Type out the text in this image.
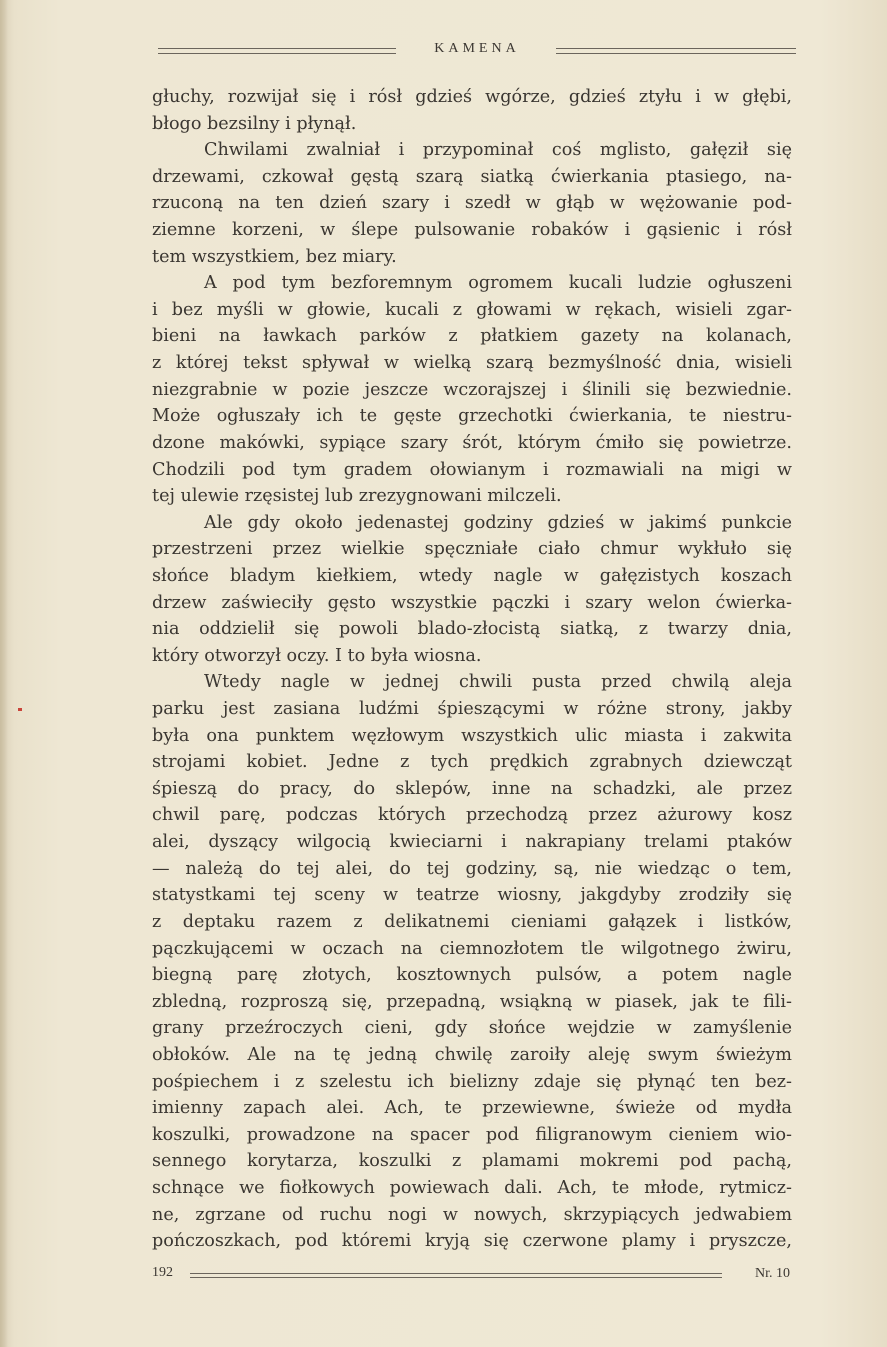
KAMENA
głuchy, rozwijał się i rósł gdzieś wgórze, gdzieś ztyłu i w głębi,
błogo bezsilny i płynął.
Chwilami zwalniał i przypominał coś mglisto, gałęził się
drzewami, czkował gęstą szarą siatką ćwierkania ptasiego, na-
rzuconą na ten dzień szary i szedł w głąb w wężowanie pod-
ziemne korzeni, w ślepe pulsowanie robaków i gąsienic i rósł
tem wszystkiem, bez miary.
A pod tym bezforemnym ogromem kucali ludzie ogłuszeni
i bez myśli w głowie, kucali z głowami w rękach, wisieli zgar-
bieni na ławkach parków z płatkiem gazety na kolanach,
z której tekst spływał w wielką szarą bezmyślność dnia, wisieli
niezgrabnie w pozie jeszcze wczorajszej i ślinili się bezwiednie.
Może ogłuszały ich te gęste grzechotki ćwierkania, te niestru-
dzone makówki, sypiące szary śrót, którym ćmiło się powietrze.
Chodzili pod tym gradem ołowianym i rozmawiali na migi w
tej ulewie rzęsistej lub zrezygnowani milczeli.
Ale gdy około jedenastej godziny gdzieś w jakimś punkcie
przestrzeni przez wielkie spęczniałe ciało chmur wykłuło się
słońce bladym kiełkiem, wtedy nagle w gałęzistych koszach
drzew zaświeciły gęsto wszystkie pączki i szary welon ćwierka-
nia oddzielił się powoli blado-złocistą siatką, z twarzy dnia,
który otworzył oczy. I to była wiosna.
Wtedy nagle w jednej chwili pusta przed chwilą aleja
parku jest zasiana ludźmi śpieszącymi w różne strony, jakby
była ona punktem węzłowym wszystkich ulic miasta i zakwita
strojami kobiet. Jedne z tych prędkich zgrabnych dziewcząt
śpieszą do pracy, do sklepów, inne na schadzki, ale przez
chwil parę, podczas których przechodzą przez ażurowy kosz
alei, dyszący wilgocią kwieciarni i nakrapiany trelami ptaków
— należą do tej alei, do tej godziny, są, nie wiedząc o tem,
statystkami tej sceny w teatrze wiosny, jakgdyby zrodziły się
z deptaku razem z delikatnemi cieniami gałązek i listków,
pączkującemi w oczach na ciemnozłotem tle wilgotnego żwiru,
biegną parę złotych, kosztownych pulsów, a potem nagle
zbledną, rozproszą się, przepadną, wsiąkną w piasek, jak te fili-
grany przeźroczych cieni, gdy słońce wejdzie w zamyślenie
obłoków. Ale na tę jedną chwilę zaroiły aleję swym świeżym
pośpiechem i z szelestu ich bielizny zdaje się płynąć ten bez-
imienny zapach alei. Ach, te przewiewne, świeże od mydła
koszulki, prowadzone na spacer pod filigranowym cieniem wio-
sennego korytarza, koszulki z plamami mokremi pod pachą,
schnące we fiołkowych powiewach dali. Ach, te młode, rytmicz-
ne, zgrzane od ruchu nogi w nowych, skrzypiących jedwabiem
pończoszkach, pod któremi kryją się czerwone plamy i pryszcze,
192	Nr. 10
